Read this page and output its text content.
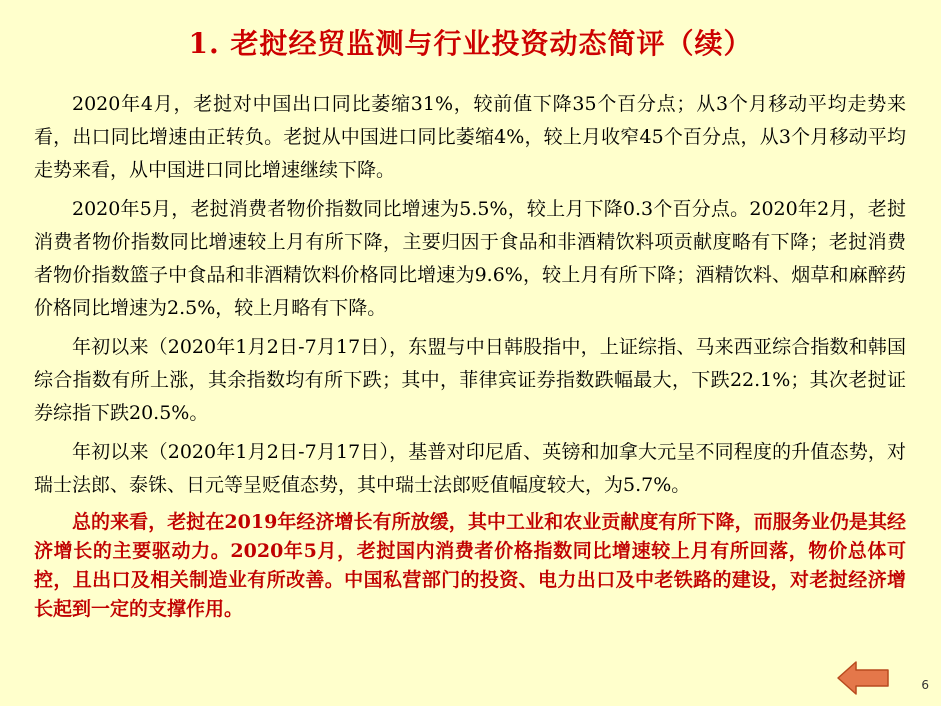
1. 老挝经贸监测与行业投资动态简评（续）

2020年4月，老挝对中国出口同比萎缩31%，较前值下降35个百分点；从3个月移动平均走势来看，出口同比增速由正转负。老挝从中国进口同比萎缩4%，较上月收窄45个百分点，从3个月移动平均走势来看，从中国进口同比增速继续下降。

2020年5月，老挝消费者物价指数同比增速为5.5%，较上月下降0.3个百分点。2020年2月，老挝消费者物价指数同比增速较上月有所下降，主要归因于食品和非酒精饮料项贡献度略有下降；老挝消费者物价指数篮子中食品和非酒精饮料价格同比增速为9.6%，较上月有所下降；酒精饮料、烟草和麻醉药价格同比增速为2.5%，较上月略有下降。

年初以来（2020年1月2日-7月17日），东盟与中日韩股指中，上证综指、马来西亚综合指数和韩国综合指数有所上涨，其余指数均有所下跌；其中，菲律宾证券指数跌幅最大，下跌22.1%；其次老挝证券综指下跌20.5%。

年初以来（2020年1月2日-7月17日），基普对印尼盾、英镑和加拿大元呈不同程度的升值态势，对瑞士法郎、泰铢、日元等呈贬值态势，其中瑞士法郎贬值幅度较大，为5.7%。

总的来看，老挝在2019年经济增长有所放缓，其中工业和农业贡献度有所下降，而服务业仍是其经济增长的主要驱动力。2020年5月，老挝国内消费者价格指数同比增速较上月有所回落，物价总体可控，且出口及相关制造业有所改善。中国私营部门的投资、电力出口及中老铁路的建设，对老挝经济增长起到一定的支撑作用。

6
